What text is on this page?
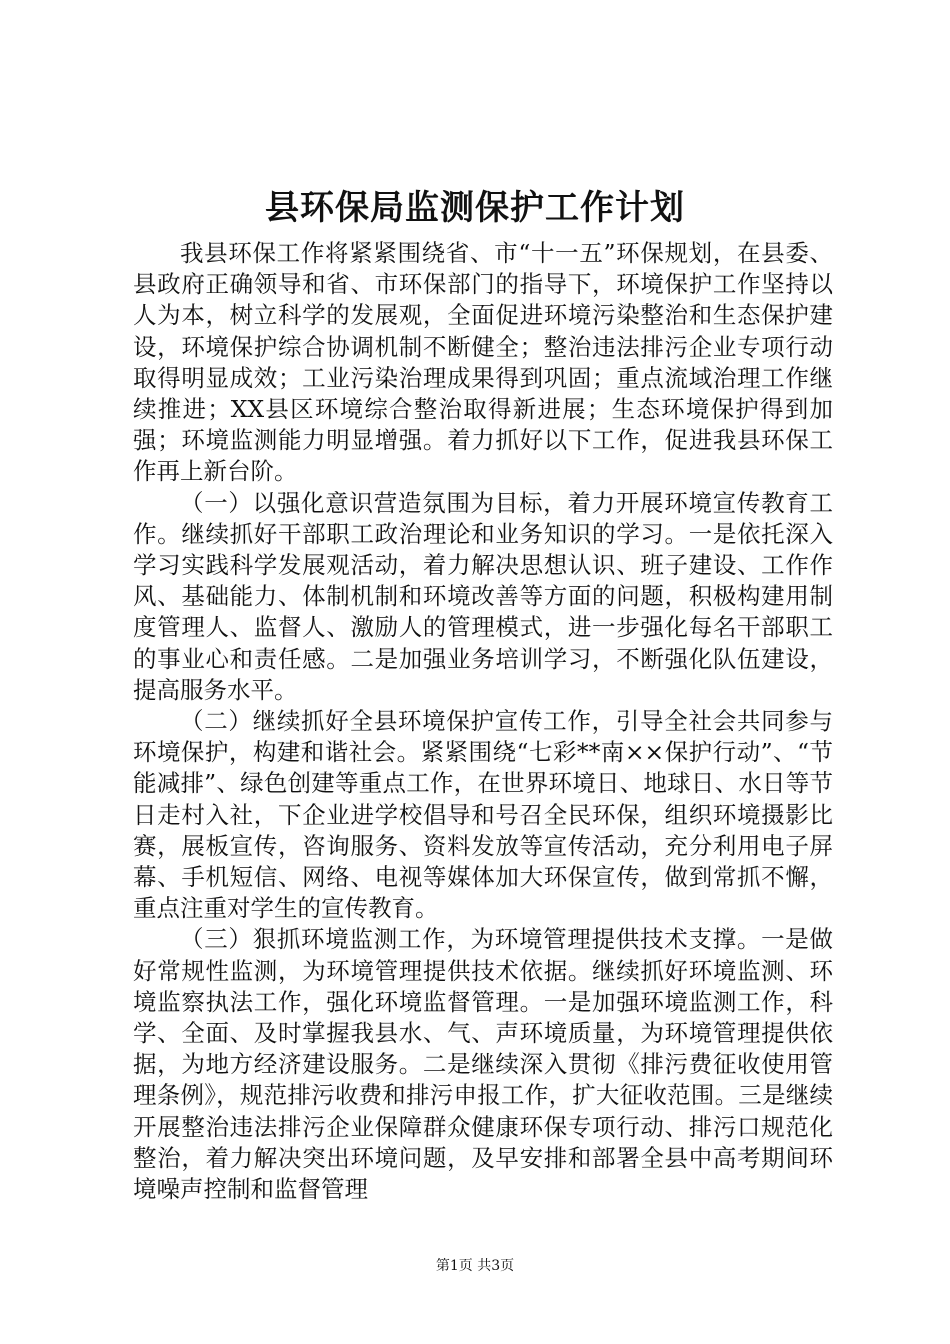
县环保局监测保护工作计划

我县环保工作将紧紧围绕省、市“十一五”环保规划，在县委、县政府正确领导和省、市环保部门的指导下，环境保护工作坚持以人为本，树立科学的发展观，全面促进环境污染整治和生态保护建设，环境保护综合协调机制不断健全；整治违法排污企业专项行动取得明显成效；工业污染治理成果得到巩固；重点流域治理工作继续推进；XX县区环境综合整治取得新进展；生态环境保护得到加强；环境监测能力明显增强。着力抓好以下工作，促进我县环保工作再上新台阶。

（一）以强化意识营造氛围为目标，着力开展环境宣传教育工作。继续抓好干部职工政治理论和业务知识的学习。一是依托深入学习实践科学发展观活动，着力解决思想认识、班子建设、工作作风、基础能力、体制机制和环境改善等方面的问题，积极构建用制度管理人、监督人、激励人的管理模式，进一步强化每名干部职工的事业心和责任感。二是加强业务培训学习，不断强化队伍建设，提高服务水平。

（二）继续抓好全县环境保护宣传工作，引导全社会共同参与环境保护，构建和谐社会。紧紧围绕“七彩**南××保护行动”、“节能减排”、绿色创建等重点工作，在世界环境日、地球日、水日等节日走村入社，下企业进学校倡导和号召全民环保，组织环境摄影比赛，展板宣传，咨询服务、资料发放等宣传活动，充分利用电子屏幕、手机短信、网络、电视等媒体加大环保宣传，做到常抓不懈，重点注重对学生的宣传教育。

（三）狠抓环境监测工作，为环境管理提供技术支撑。一是做好常规性监测，为环境管理提供技术依据。继续抓好环境监测、环境监察执法工作，强化环境监督管理。一是加强环境监测工作，科学、全面、及时掌握我县水、气、声环境质量，为环境管理提供依据，为地方经济建设服务。二是继续深入贯彻《排污费征收使用管理条例》，规范排污收费和排污申报工作，扩大征收范围。三是继续开展整治违法排污企业保障群众健康环保专项行动、排污口规范化整治，着力解决突出环境问题，及早安排和部署全县中高考期间环境噪声控制和监督管理

第1页 共3页
